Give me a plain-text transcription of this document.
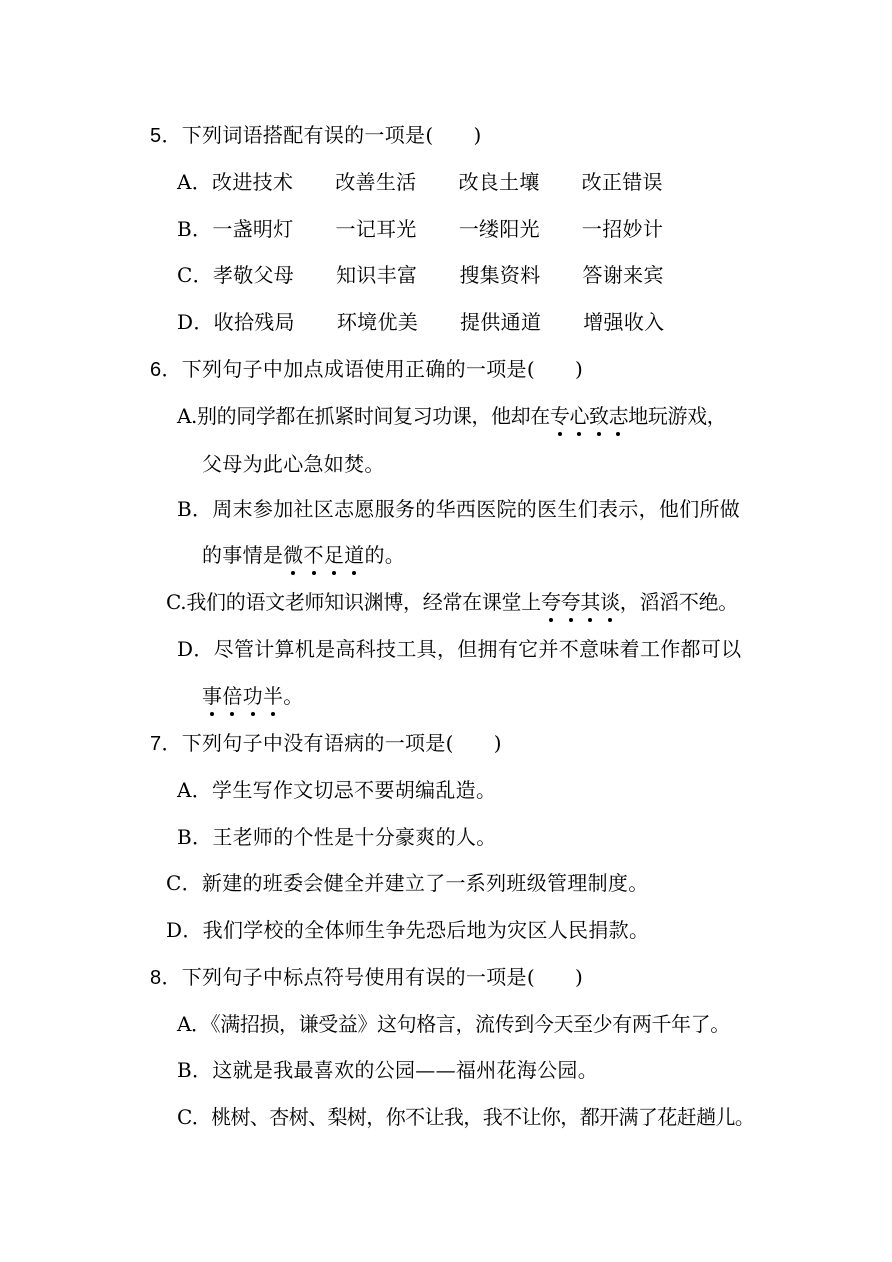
5．下列词语搭配有误的一项是( )
A．改进技术 改善生活 改良土壤 改正错误
B．一盏明灯 一记耳光 一缕阳光 一招妙计
C．孝敬父母 知识丰富 搜集资料 答谢来宾
D．收拾残局 环境优美 提供通道 增强收入
6．下列句子中加点成语使用正确的一项是( )
A.别的同学都在抓紧时间复习功课，他却在专心致志地玩游戏，
父母为此心急如焚。
B．周末参加社区志愿服务的华西医院的医生们表示，他们所做
的事情是微不足道的。
C.我们的语文老师知识渊博，经常在课堂上夸夸其谈，滔滔不绝。
D．尽管计算机是高科技工具，但拥有它并不意味着工作都可以
事倍功半。
7．下列句子中没有语病的一项是( )
A．学生写作文切忌不要胡编乱造。
B．王老师的个性是十分豪爽的人。
C．新建的班委会健全并建立了一系列班级管理制度。
D．我们学校的全体师生争先恐后地为灾区人民捐款。
8．下列句子中标点符号使用有误的一项是( )
A．《满招损，谦受益》这句格言，流传到今天至少有两千年了。
B．这就是我最喜欢的公园——福州花海公园。
C．桃树、杏树、梨树，你不让我，我不让你，都开满了花赶趟儿。
